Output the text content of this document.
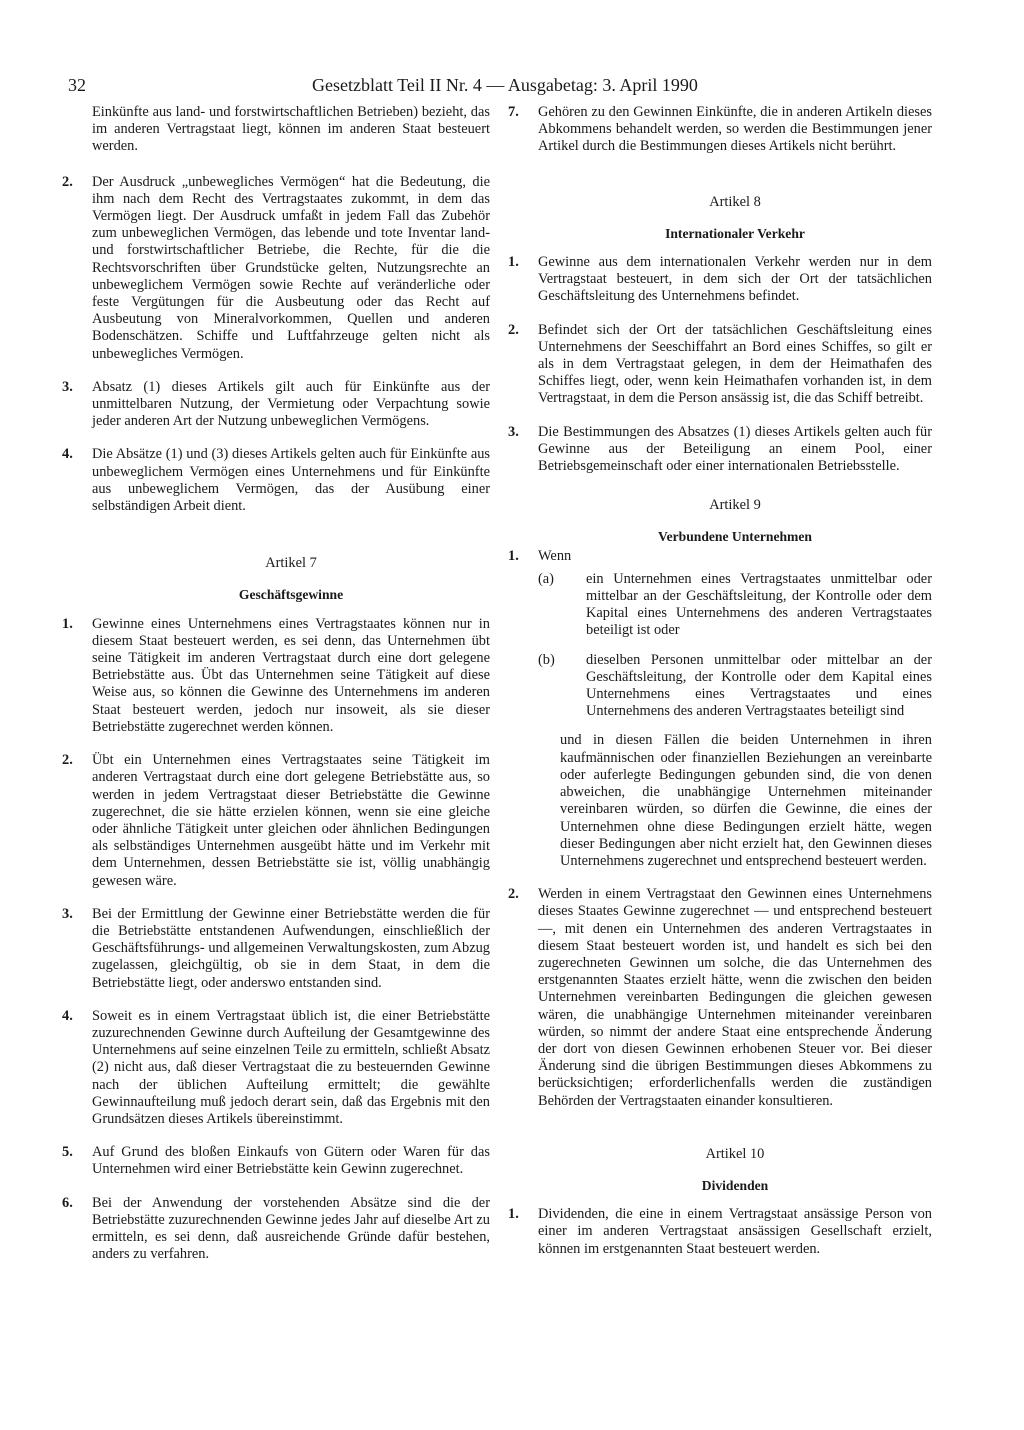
32	Gesetzblatt Teil II Nr. 4 — Ausgabetag: 3. April 1990

Einkünfte aus land- und forstwirtschaftlichen Betrieben) bezieht, das im anderen Vertragstaat liegt, können im anderen Staat besteuert werden.

2.	Der Ausdruck „unbewegliches Vermögen“ hat die Bedeutung, die ihm nach dem Recht des Vertragstaates zukommt, in dem das Vermögen liegt. Der Ausdruck umfaßt in jedem Fall das Zubehör zum unbeweglichen Vermögen, das lebende und tote Inventar land- und forstwirtschaftlicher Betriebe, die Rechte, für die die Rechtsvorschriften über Grundstücke gelten, Nutzungsrechte an unbeweglichem Vermögen sowie Rechte auf veränderliche oder feste Vergütungen für die Ausbeutung oder das Recht auf Ausbeutung von Mineralvorkommen, Quellen und anderen Bodenschätzen. Schiffe und Luftfahrzeuge gelten nicht als unbewegliches Vermögen.
3.	Absatz (1) dieses Artikels gilt auch für Einkünfte aus der unmittelbaren Nutzung, der Vermietung oder Verpachtung sowie jeder anderen Art der Nutzung unbeweglichen Vermögens.
4.	Die Absätze (1) und (3) dieses Artikels gelten auch für Einkünfte aus unbeweglichem Vermögen eines Unternehmens und für Einkünfte aus unbeweglichem Vermögen, das der Ausübung einer selbständigen Arbeit dient.

Artikel 7

Geschäftsgewinne

1.	Gewinne eines Unternehmens eines Vertragstaates können nur in diesem Staat besteuert werden, es sei denn, das Unternehmen übt seine Tätigkeit im anderen Vertragstaat durch eine dort gelegene Betriebstätte aus. Übt das Unternehmen seine Tätigkeit auf diese Weise aus, so können die Gewinne des Unternehmens im anderen Staat besteuert werden, jedoch nur insoweit, als sie dieser Betriebstätte zugerechnet werden können.
2.	Übt ein Unternehmen eines Vertragstaates seine Tätigkeit im anderen Vertragstaat durch eine dort gelegene Betriebstätte aus, so werden in jedem Vertragstaat dieser Betriebstätte die Gewinne zugerechnet, die sie hätte erzielen können, wenn sie eine gleiche oder ähnliche Tätigkeit unter gleichen oder ähnlichen Bedingungen als selbständiges Unternehmen ausgeübt hätte und im Verkehr mit dem Unternehmen, dessen Betriebstätte sie ist, völlig unabhängig gewesen wäre.
3.	Bei der Ermittlung der Gewinne einer Betriebstätte werden die für die Betriebstätte entstandenen Aufwendungen, einschließlich der Geschäftsführungs- und allgemeinen Verwaltungskosten, zum Abzug zugelassen, gleichgültig, ob sie in dem Staat, in dem die Betriebstätte liegt, oder anderswo entstanden sind.
4.	Soweit es in einem Vertragstaat üblich ist, die einer Betriebstätte zuzurechnenden Gewinne durch Aufteilung der Gesamtgewinne des Unternehmens auf seine einzelnen Teile zu ermitteln, schließt Absatz (2) nicht aus, daß dieser Vertragstaat die zu besteuernden Gewinne nach der üblichen Aufteilung ermittelt; die gewählte Gewinnaufteilung muß jedoch derart sein, daß das Ergebnis mit den Grundsätzen dieses Artikels übereinstimmt.
5.	Auf Grund des bloßen Einkaufs von Gütern oder Waren für das Unternehmen wird einer Betriebstätte kein Gewinn zugerechnet.
6.	Bei der Anwendung der vorstehenden Absätze sind die der Betriebstätte zuzurechnenden Gewinne jedes Jahr auf dieselbe Art zu ermitteln, es sei denn, daß ausreichende Gründe dafür bestehen, anders zu verfahren.
7.	Gehören zu den Gewinnen Einkünfte, die in anderen Artikeln dieses Abkommens behandelt werden, so werden die Bestimmungen jener Artikel durch die Bestimmungen dieses Artikels nicht berührt.

Artikel 8

Internationaler Verkehr

1.	Gewinne aus dem internationalen Verkehr werden nur in dem Vertragstaat besteuert, in dem sich der Ort der tatsächlichen Geschäftsleitung des Unternehmens befindet.
2.	Befindet sich der Ort der tatsächlichen Geschäftsleitung eines Unternehmens der Seeschiffahrt an Bord eines Schiffes, so gilt er als in dem Vertragstaat gelegen, in dem der Heimathafen des Schiffes liegt, oder, wenn kein Heimathafen vorhanden ist, in dem Vertragstaat, in dem die Person ansässig ist, die das Schiff betreibt.
3.	Die Bestimmungen des Absatzes (1) dieses Artikels gelten auch für Gewinne aus der Beteiligung an einem Pool, einer Betriebsgemeinschaft oder einer internationalen Betriebsstelle.

Artikel 9

Verbundene Unternehmen

1. Wenn
(a) ein Unternehmen eines Vertragstaates unmittelbar oder mittelbar an der Geschäftsleitung, der Kontrolle oder dem Kapital eines Unternehmens des anderen Vertragstaates beteiligt ist oder
(b) dieselben Personen unmittelbar oder mittelbar an der Geschäftsleitung, der Kontrolle oder dem Kapital eines Unternehmens eines Vertragstaates und eines Unternehmens des anderen Vertragstaates beteiligt sind

und in diesen Fällen die beiden Unternehmen in ihren kaufmännischen oder finanziellen Beziehungen an vereinbarte oder auferlegte Bedingungen gebunden sind, die von denen abweichen, die unabhängige Unternehmen miteinander vereinbaren würden, so dürfen die Gewinne, die eines der Unternehmen ohne diese Bedingungen erzielt hätte, wegen dieser Bedingungen aber nicht erzielt hat, den Gewinnen dieses Unternehmens zugerechnet und entsprechend besteuert werden.

2.	Werden in einem Vertragstaat den Gewinnen eines Unternehmens dieses Staates Gewinne zugerechnet — und entsprechend besteuert —, mit denen ein Unternehmen des anderen Vertragstaates in diesem Staat besteuert worden ist, und handelt es sich bei den zugerechneten Gewinnen um solche, die das Unternehmen des erstgenannten Staates erzielt hätte, wenn die zwischen den beiden Unternehmen vereinbarten Bedingungen die gleichen gewesen wären, die unabhängige Unternehmen miteinander vereinbaren würden, so nimmt der andere Staat eine entsprechende Änderung der dort von diesen Gewinnen erhobenen Steuer vor. Bei dieser Änderung sind die übrigen Bestimmungen dieses Abkommens zu berücksichtigen; erforderlichenfalls werden die zuständigen Behörden der Vertragstaaten einander konsultieren.

Artikel 10

Dividenden

1.	Dividenden, die eine in einem Vertragstaat ansässige Person von einer im anderen Vertragstaat ansässigen Gesellschaft erzielt, können im erstgenannten Staat besteuert werden.
